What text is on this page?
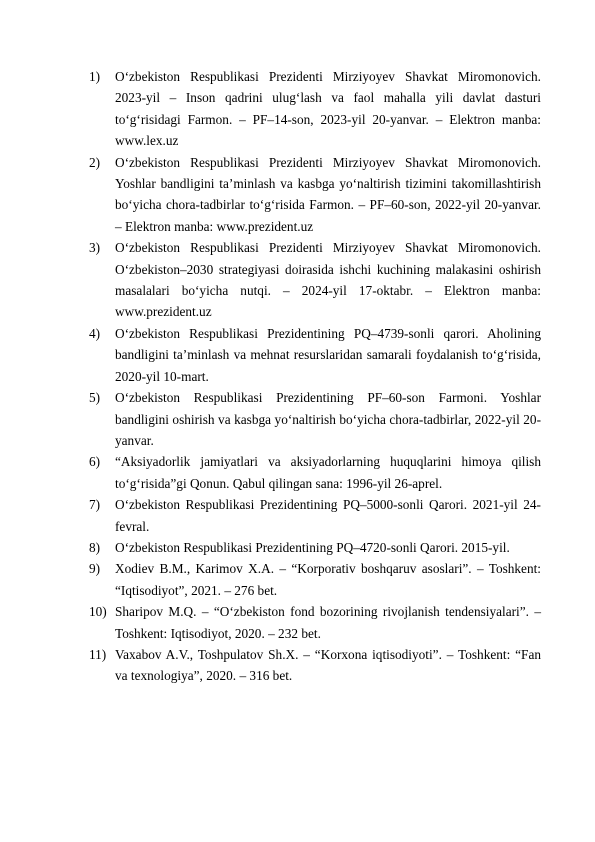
1)	O‘zbekiston Respublikasi Prezidenti Mirziyoyev Shavkat Miromonovich. 2023-yil – Inson qadrini ulug‘lash va faol mahalla yili davlat dasturi to‘g‘risidagi Farmon. – PF–14-son, 2023-yil 20-yanvar. – Elektron manba: www.lex.uz
2)	O‘zbekiston Respublikasi Prezidenti Mirziyoyev Shavkat Miromonovich. Yoshlar bandligini ta’minlash va kasbga yo‘naltirish tizimini takomillashtirish bo‘yicha chora-tadbirlar to‘g‘risida Farmon. – PF–60-son, 2022-yil 20-yanvar. – Elektron manba: www.prezident.uz
3)	O‘zbekiston Respublikasi Prezidenti Mirziyoyev Shavkat Miromonovich. O‘zbekiston–2030 strategiyasi doirasida ishchi kuchining malakasini oshirish masalalari bo‘yicha nutqi. – 2024-yil 17-oktabr. – Elektron manba: www.prezident.uz
4)	O‘zbekiston Respublikasi Prezidentining PQ–4739-sonli qarori. Aholining bandligini ta’minlash va mehnat resurslaridan samarali foydalanish to‘g‘risida, 2020-yil 10-mart.
5)	O‘zbekiston Respublikasi Prezidentining PF–60-son Farmoni. Yoshlar bandligini oshirish va kasbga yo‘naltirish bo‘yicha chora-tadbirlar, 2022-yil 20-yanvar.
6)	“Aksiyadorlik jamiyatlari va aksiyadorlarning huquqlarini himoya qilish to‘g‘risida”gi Qonun. Qabul qilingan sana: 1996-yil 26-aprel.
7)	O‘zbekiston Respublikasi Prezidentining PQ–5000-sonli Qarori. 2021-yil 24-fevral.
8)	O‘zbekiston Respublikasi Prezidentining PQ–4720-sonli Qarori. 2015-yil.
9)	Xodiev B.M., Karimov X.A. – “Korporativ boshqaruv asoslari”. – Toshkent: “Iqtisodiyot”, 2021. – 276 bet.
10) Sharipov M.Q. – “O‘zbekiston fond bozorining rivojlanish tendensiyalari”. – Toshkent: Iqtisodiyot, 2020. – 232 bet.
11) Vaxabov A.V., Toshpulatov Sh.X. – “Korxona iqtisodiyoti”. – Toshkent: “Fan va texnologiya”, 2020. – 316 bet.
